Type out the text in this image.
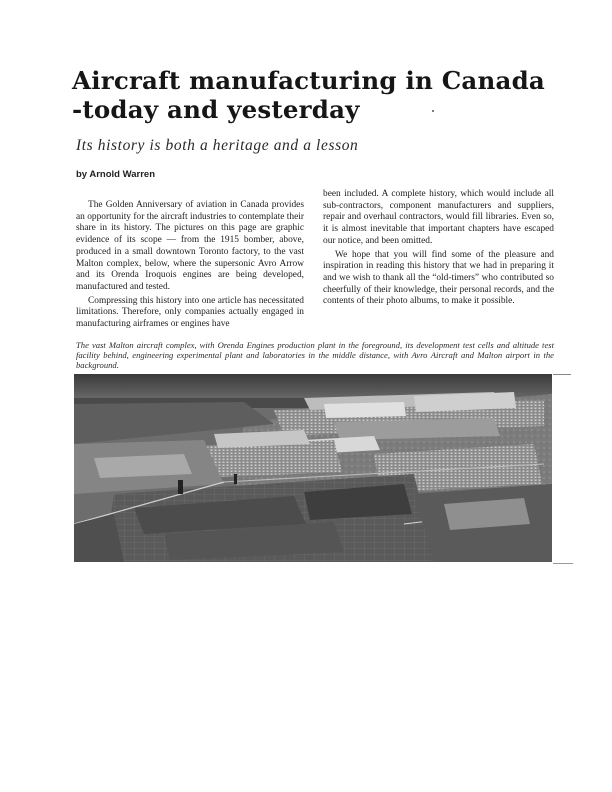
Aircraft manufacturing in Canada
-today and yesterday

Its history is both a heritage and a lesson

by Arnold Warren

The Golden Anniversary of aviation in Canada provides an opportunity for the aircraft industries to contemplate their share in its history. The pictures on this page are graphic evidence of its scope — from the 1915 bomber, above, produced in a small downtown Toronto factory, to the vast Malton complex, below, where the supersonic Avro Arrow and its Orenda Iroquois engines are being developed, manufactured and tested.

Compressing this history into one article has necessitated limitations. Therefore, only companies actually engaged in manufacturing airframes or engines have

been included. A complete history, which would include all sub-contractors, component manufacturers and suppliers, repair and overhaul contractors, would fill libraries. Even so, it is almost inevitable that important chapters have escaped our notice, and been omitted.

We hope that you will find some of the pleasure and inspiration in reading this history that we had in preparing it and we wish to thank all the “old-timers” who contributed so cheerfully of their knowledge, their personal records, and the contents of their photo albums, to make it possible.

The vast Malton aircraft complex, with Orenda Engines production plant in the foreground, its development test cells and altitude test facility behind, engineering experimental plant and laboratories in the middle distance, with Avro Aircraft and Malton airport in the background.
